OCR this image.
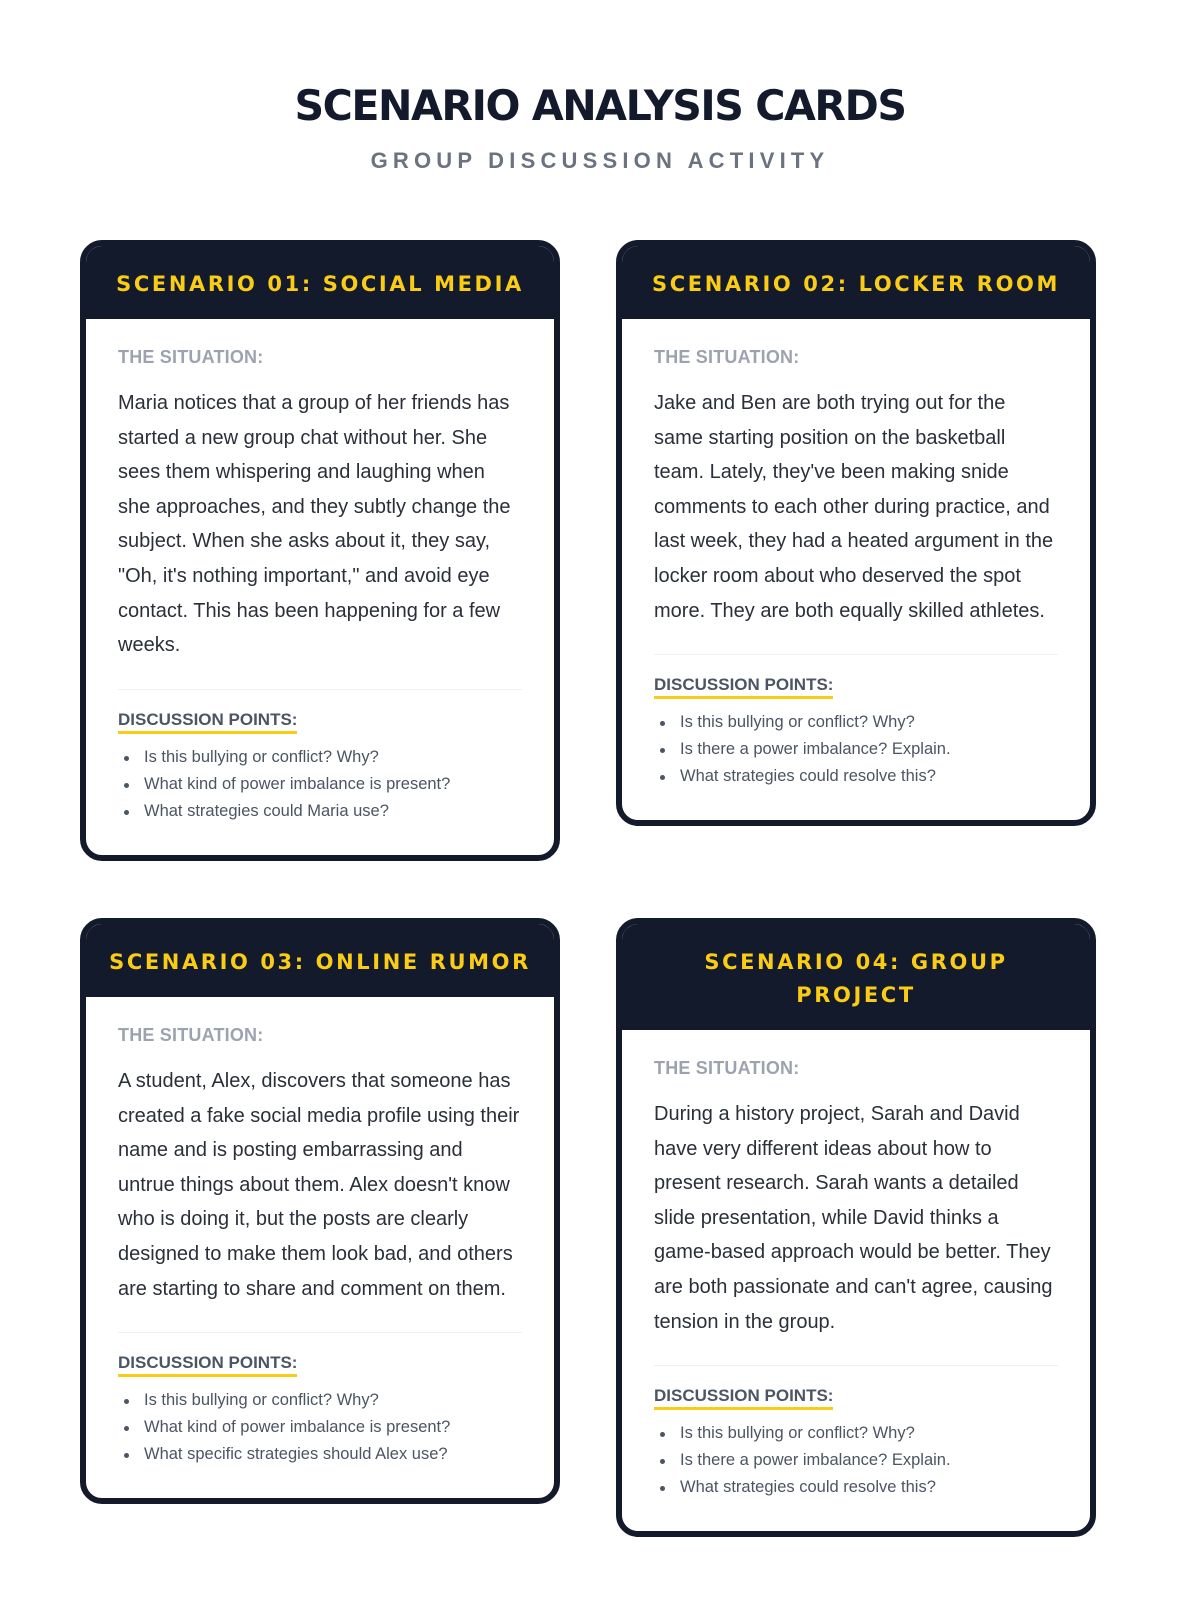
SCENARIO ANALYSIS CARDS
GROUP DISCUSSION ACTIVITY
SCENARIO 01: SOCIAL MEDIA
THE SITUATION:

Maria notices that a group of her friends has started a new group chat without her. She sees them whispering and laughing when she approaches, and they subtly change the subject. When she asks about it, they say, "Oh, it's nothing important," and avoid eye contact. This has been happening for a few weeks.

DISCUSSION POINTS:
Is this bullying or conflict? Why?
What kind of power imbalance is present?
What strategies could Maria use?
SCENARIO 02: LOCKER ROOM
THE SITUATION:

Jake and Ben are both trying out for the same starting position on the basketball team. Lately, they've been making snide comments to each other during practice, and last week, they had a heated argument in the locker room about who deserved the spot more. They are both equally skilled athletes.

DISCUSSION POINTS:
Is this bullying or conflict? Why?
Is there a power imbalance? Explain.
What strategies could resolve this?
SCENARIO 03: ONLINE RUMOR
THE SITUATION:

A student, Alex, discovers that someone has created a fake social media profile using their name and is posting embarrassing and untrue things about them. Alex doesn't know who is doing it, but the posts are clearly designed to make them look bad, and others are starting to share and comment on them.

DISCUSSION POINTS:
Is this bullying or conflict? Why?
What kind of power imbalance is present?
What specific strategies should Alex use?
SCENARIO 04: GROUP PROJECT
THE SITUATION:

During a history project, Sarah and David have very different ideas about how to present research. Sarah wants a detailed slide presentation, while David thinks a game-based approach would be better. They are both passionate and can't agree, causing tension in the group.

DISCUSSION POINTS:
Is this bullying or conflict? Why?
Is there a power imbalance? Explain.
What strategies could resolve this?
